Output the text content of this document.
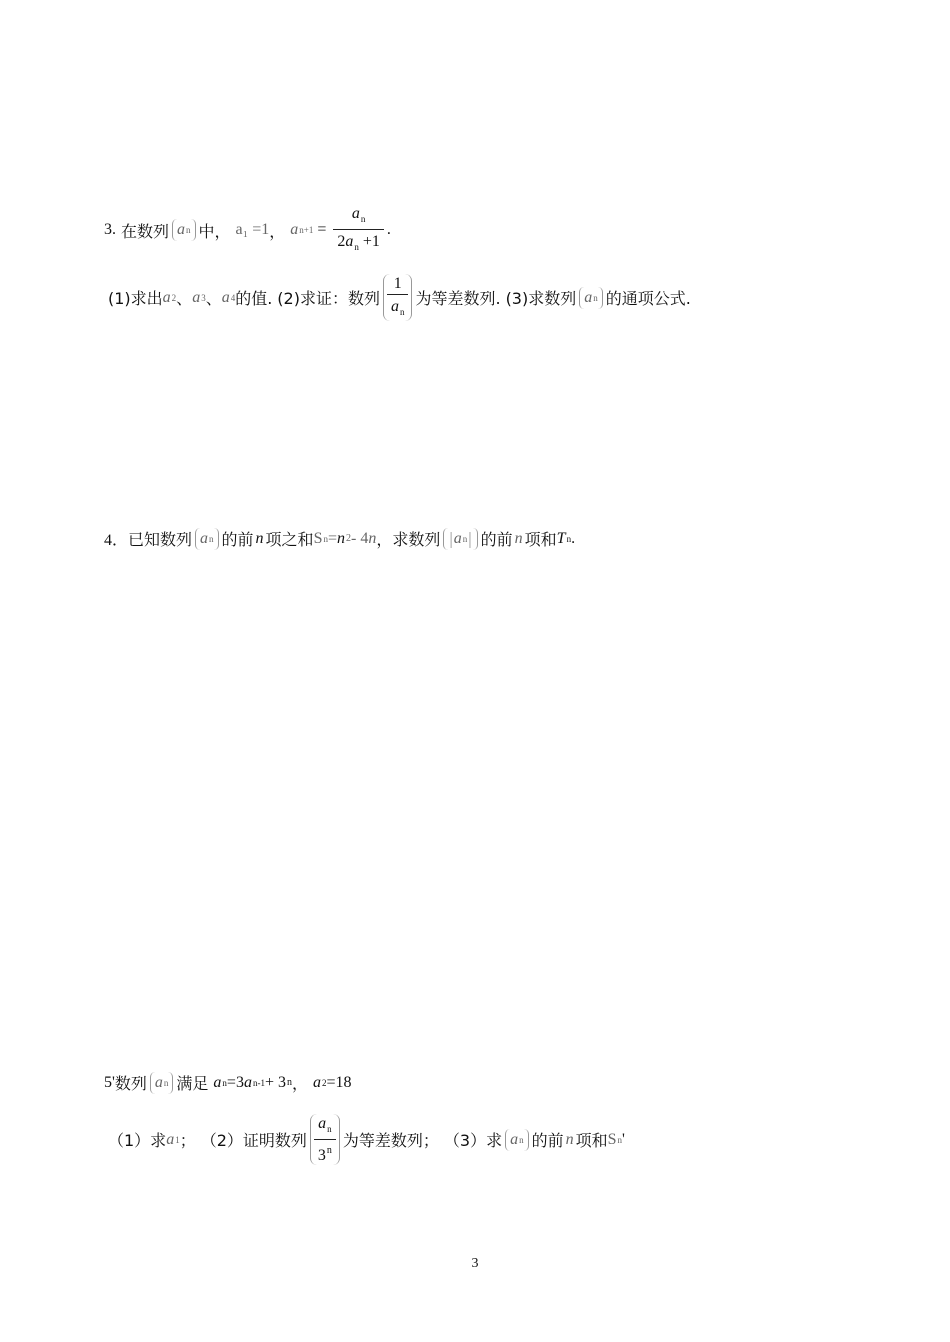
3. 在数列 a n 中， a₁ =1 ， a $n+1 = \frac{a_n}{2a_n +1}$ .
(1)求出 a 2 、 a 3 、 a 4 的值. (2)求证：数列 $\frac{1}{a_n}$ 为等差数列. (3)求数列 a n 的通项公式.
4． 已知数列 a n 的前 n 项之和 S n = n 2 - 4 n ，求数列 | a n | 的前 n 项和 T n .
5' 数列 a n 满足 a n =3 a n-1 + 3 n ， a 2 =18
（1）求 a 1 ； （2）证明数列 $\frac{a_n}{3^n}$ 为等差数列； （3）求 a n 的前 n 项和 S n '
3
